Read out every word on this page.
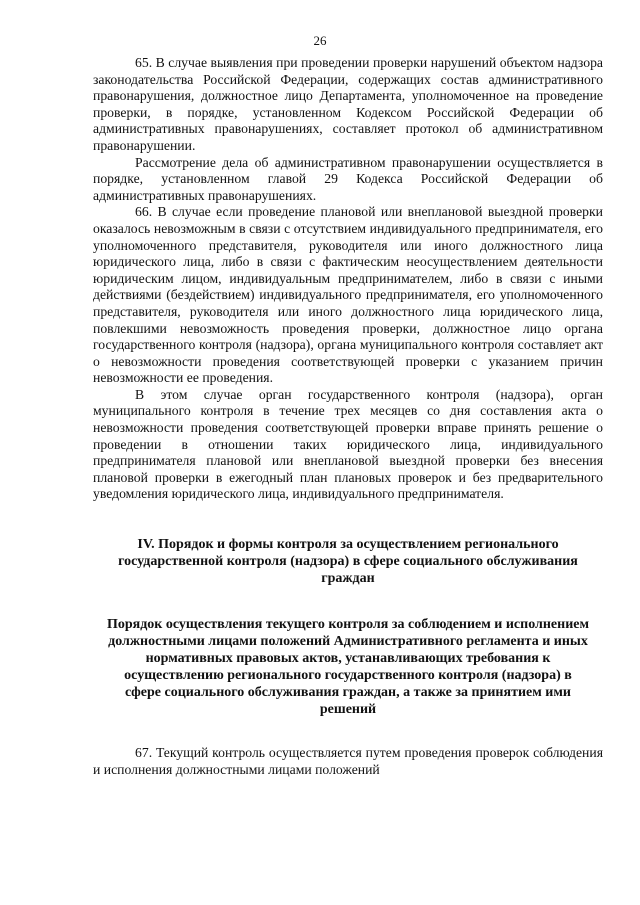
26

65. В случае выявления при проведении проверки нарушений объектом надзора законодательства Российской Федерации, содержащих состав административного правонарушения, должностное лицо Департамента, уполномоченное на проведение проверки, в порядке, установленном Кодексом Российской Федерации об административных правонарушениях, составляет протокол об административном правонарушении.

Рассмотрение дела об административном правонарушении осуществляется в порядке, установленном главой 29 Кодекса Российской Федерации об административных правонарушениях.

66. В случае если проведение плановой или внеплановой выездной проверки оказалось невозможным в связи с отсутствием индивидуального предпринимателя, его уполномоченного представителя, руководителя или иного должностного лица юридического лица, либо в связи с фактическим неосуществлением деятельности юридическим лицом, индивидуальным предпринимателем, либо в связи с иными действиями (бездействием) индивидуального предпринимателя, его уполномоченного представителя, руководителя или иного должностного лица юридического лица, повлекшими невозможность проведения проверки, должностное лицо органа государственного контроля (надзора), органа муниципального контроля составляет акт о невозможности проведения соответствующей проверки с указанием причин невозможности ее проведения.

В этом случае орган государственного контроля (надзора), орган муниципального контроля в течение трех месяцев со дня составления акта о невозможности проведения соответствующей проверки вправе принять решение о проведении в отношении таких юридического лица, индивидуального предпринимателя плановой или внеплановой выездной проверки без внесения плановой проверки в ежегодный план плановых проверок и без предварительного уведомления юридического лица, индивидуального предпринимателя.

IV. Порядок и формы контроля за осуществлением регионального государственной контроля (надзора) в сфере социального обслуживания граждан
Порядок осуществления текущего контроля за соблюдением и исполнением должностными лицами положений Административного регламента и иных нормативных правовых актов, устанавливающих требования к осуществлению регионального государственного контроля (надзора) в сфере социального обслуживания граждан, а также за принятием ими решений

67. Текущий контроль осуществляется путем проведения проверок соблюдения и исполнения должностными лицами положений
